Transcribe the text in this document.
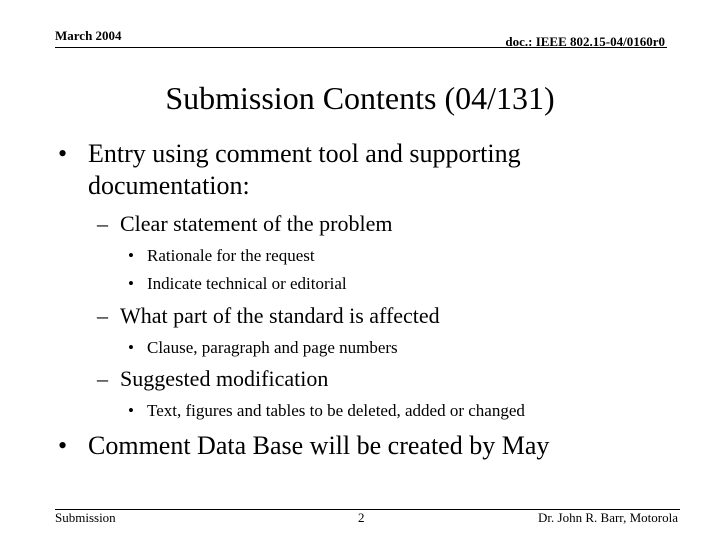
March 2004	doc.: IEEE 802.15-04/0160r0
Submission Contents (04/131)
• Entry using comment tool and supporting
documentation:
– Clear statement of the problem
• Rationale for the request
• Indicate technical or editorial
– What part of the standard is affected
• Clause, paragraph and page numbers
– Suggested modification
• Text, figures and tables to be deleted, added or changed
• Comment Data Base will be created by May
Submission	2	Dr. John R. Barr, Motorola
